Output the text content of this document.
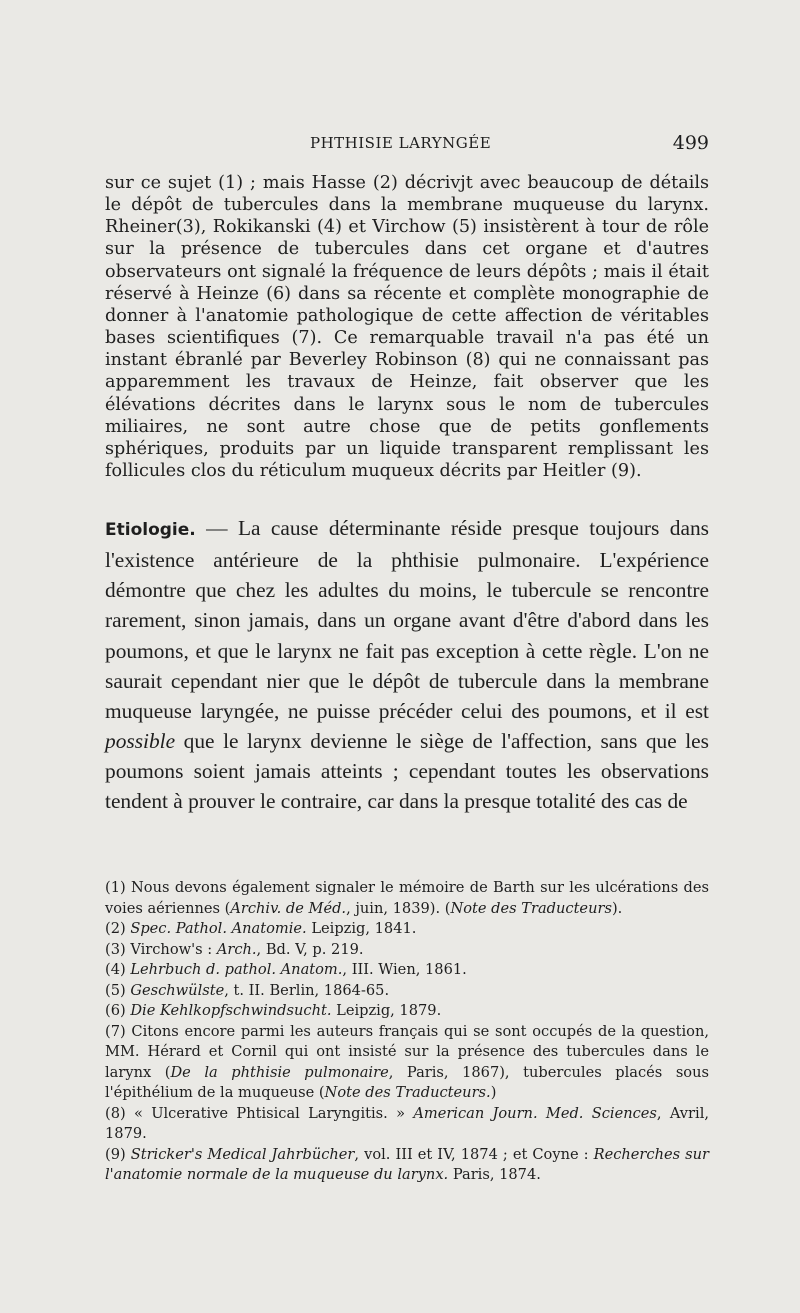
PHTHISIE LARYNGÉE	499

sur ce sujet (1) ; mais Hasse (2) décrivjt avec beaucoup de détails le dépôt de tubercules dans la membrane muqueuse du larynx. Rheiner(3), Rokikanski (4) et Virchow (5) insistèrent à tour de rôle sur la présence de tubercules dans cet organe et d'autres observateurs ont signalé la fréquence de leurs dépôts ; mais il était réservé à Heinze (6) dans sa récente et complète monographie de donner à l'anatomie pathologique de cette affection de véritables bases scientifiques (7). Ce remarquable travail n'a pas été un instant ébranlé par Beverley Robinson (8) qui ne connaissant pas apparemment les travaux de Heinze, fait observer que les élévations décrites dans le larynx sous le nom de tubercules miliaires, ne sont autre chose que de petits gonflements sphériques, produits par un liquide transparent remplissant les follicules clos du réticulum muqueux décrits par Heitler (9).

Etiologie. — La cause déterminante réside presque toujours dans l'existence antérieure de la phthisie pulmonaire. L'expérience démontre que chez les adultes du moins, le tubercule se rencontre rarement, sinon jamais, dans un organe avant d'être d'abord dans les poumons, et que le larynx ne fait pas exception à cette règle. L'on ne saurait cependant nier que le dépôt de tubercule dans la membrane muqueuse laryngée, ne puisse précéder celui des poumons, et il est possible que le larynx devienne le siège de l'affection, sans que les poumons soient jamais atteints ; cependant toutes les observations tendent à prouver le contraire, car dans la presque totalité des cas de

(1) Nous devons également signaler le mémoire de Barth sur les ulcérations des voies aériennes (Archiv. de Méd., juin, 1839). (Note des Traducteurs).

(2) Spec. Pathol. Anatomie. Leipzig, 1841.

(3) Virchow's : Arch., Bd. V, p. 219.

(4) Lehrbuch d. pathol. Anatom., III. Wien, 1861.

(5) Geschwülste, t. II. Berlin, 1864-65.

(6) Die Kehlkopfschwindsucht. Leipzig, 1879.

(7) Citons encore parmi les auteurs français qui se sont occupés de la question, MM. Hérard et Cornil qui ont insisté sur la présence des tubercules dans le larynx (De la phthisie pulmonaire, Paris, 1867), tubercules placés sous l'épithélium de la muqueuse (Note des Traducteurs.)

(8) « Ulcerative Phtisical Laryngitis. » American Journ. Med. Sciences, Avril, 1879.

(9) Stricker's Medical Jahrbücher, vol. III et IV, 1874 ; et Coyne : Recherches sur l'anatomie normale de la muqueuse du larynx. Paris, 1874.
